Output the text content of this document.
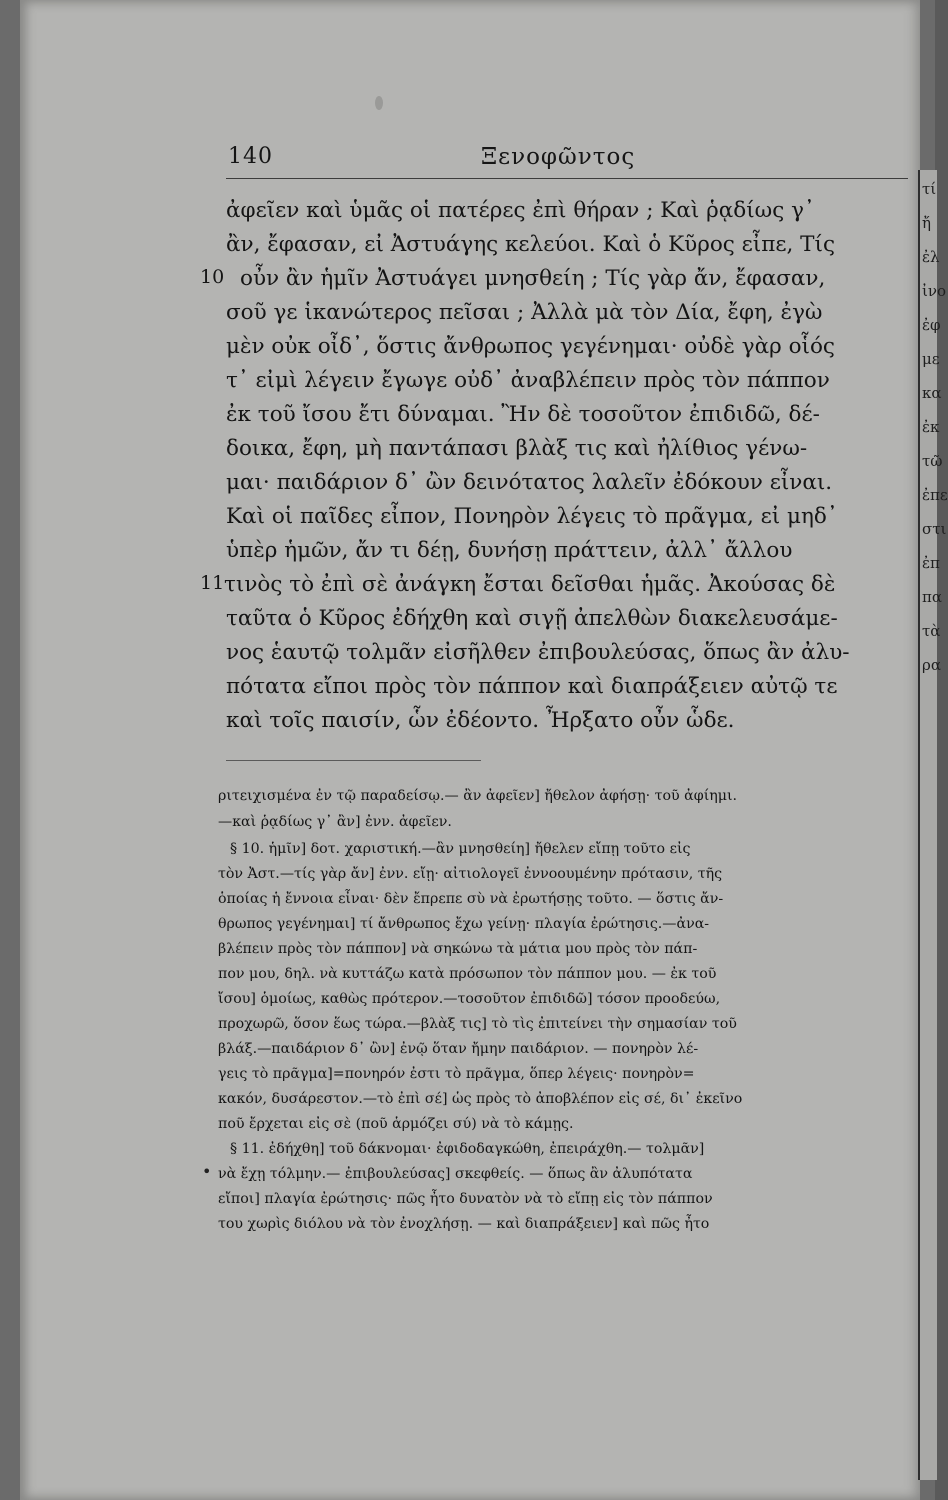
τί
ἤ
ἐλ
ἰνο
ἐφ
με
κα
ἐκ
τῶ
ἐπε
στι
ἐπ
πα
τὰ
ρα
140	Ξενοφῶντος
ἀφεῖεν καὶ ὑμᾶς οἱ πατέρες ἐπὶ θήραν ; Καὶ ῥᾳδίως γ᾽
ἂν, ἔφασαν, εἰ Ἀστυάγης κελεύοι. Καὶ ὁ Κῦρος εἶπε, Τίς
10 οὖν ἂν ἡμῖν Ἀστυάγει μνησθείη ; Τίς γὰρ ἄν, ἔφασαν,
σοῦ γε ἱκανώτερος πεῖσαι ; Ἀλλὰ μὰ τὸν Δία, ἔφη, ἐγὼ
μὲν οὐκ οἶδ᾽, ὅστις ἄνθρωπος γεγένημαι· οὐδὲ γὰρ οἷός
τ᾽ εἰμὶ λέγειν ἔγωγε οὐδ᾽ ἀναβλέπειν πρὸς τὸν πάππον
ἐκ τοῦ ἴσου ἔτι δύναμαι. Ἢν δὲ τοσοῦτον ἐπιδιδῶ, δέ-
δοικα, ἔφη, μὴ παντάπασι βλὰξ τις καὶ ἠλίθιος γένω-
μαι· παιδάριον δ᾽ ὢν δεινότατος λαλεῖν ἐδόκουν εἶναι.
Καὶ οἱ παῖδες εἶπον, Πονηρὸν λέγεις τὸ πρᾶγμα, εἰ μηδ᾽
ὑπὲρ ἡμῶν, ἄν τι δέῃ, δυνήσῃ πράττειν, ἀλλ᾽ ἄλλου
11 τινὸς τὸ ἐπὶ σὲ ἀνάγκη ἔσται δεῖσθαι ἡμᾶς. Ἀκούσας δὲ
ταῦτα ὁ Κῦρος ἐδήχθη καὶ σιγῇ ἀπελθὼν διακελευσάμε-
νος ἑαυτῷ τολμᾶν εἰσῆλθεν ἐπιβουλεύσας, ὅπως ἂν ἀλυ-
πότατα εἴποι πρὸς τὸν πάππον καὶ διαπράξειεν αὐτῷ τε
καὶ τοῖς παισίν, ὧν ἐδέοντο. Ἦρξατο οὖν ὧδε.
ριτειχισμένα ἐν τῷ παραδείσῳ.— ἂν ἀφεῖεν] ἤθελον ἀφήσῃ· τοῦ ἀφίημι.
—καὶ ῥᾳδίως γ᾽ ἂν] ἐνν. ἀφεῖεν.
§ 10. ἡμῖν] δοτ. χαριστική.—ἂν μνησθείη] ἤθελεν εἴπῃ τοῦτο εἰς
τὸν Ἀστ.—τίς γὰρ ἄν] ἐνν. εἴῃ· αἰτιολογεῖ ἐννοουμένην πρότασιν, τῆς
ὁποίας ἡ ἔννοια εἶναι· δὲν ἔπρεπε σὺ νὰ ἐρωτήσῃς τοῦτο. — ὅστις ἄν-
θρωπος γεγένημαι] τί ἄνθρωπος ἔχω γείνῃ· πλαγία ἐρώτησις.—ἀνα-
βλέπειν πρὸς τὸν πάππον] νὰ σηκώνω τὰ μάτια μου πρὸς τὸν πάπ-
πον μου, δηλ. νὰ κυττάζω κατὰ πρόσωπον τὸν πάππον μου. — ἐκ τοῦ
ἴσου] ὁμοίως, καθὼς πρότερον.—τοσοῦτον ἐπιδιδῶ] τόσον προοδεύω,
προχωρῶ, ὅσον ἕως τώρα.—βλὰξ τις] τὸ τὶς ἐπιτείνει τὴν σημασίαν τοῦ
βλάξ.—παιδάριον δ᾽ ὢν] ἐνῷ ὅταν ἤμην παιδάριον. — πονηρὸν λέ-
γεις τὸ πρᾶγμα]=πονηρόν ἐστι τὸ πρᾶγμα, ὅπερ λέγεις· πονηρὸν=
κακόν, δυσάρεστον.—τὸ ἐπὶ σέ] ὡς πρὸς τὸ ἀποβλέπον εἰς σέ, δι᾽ ἐκεῖνο
ποῦ ἔρχεται εἰς σὲ (ποῦ ἁρμόζει σύ) νὰ τὸ κάμῃς.
§ 11. ἐδήχθη] τοῦ δάκνομαι· ἐφιδοδαγκώθη, ἐπειράχθη.— τολμᾶν]
• νὰ ἔχῃ τόλμην.— ἐπιβουλεύσας] σκεφθείς. — ὅπως ἂν ἀλυπότατα
εἴποι] πλαγία ἐρώτησις· πῶς ἦτο δυνατὸν νὰ τὸ εἴπῃ εἰς τὸν πάππον
του χωρὶς διόλου νὰ τὸν ἐνοχλήσῃ. — καὶ διαπράξειεν] καὶ πῶς ἦτο
